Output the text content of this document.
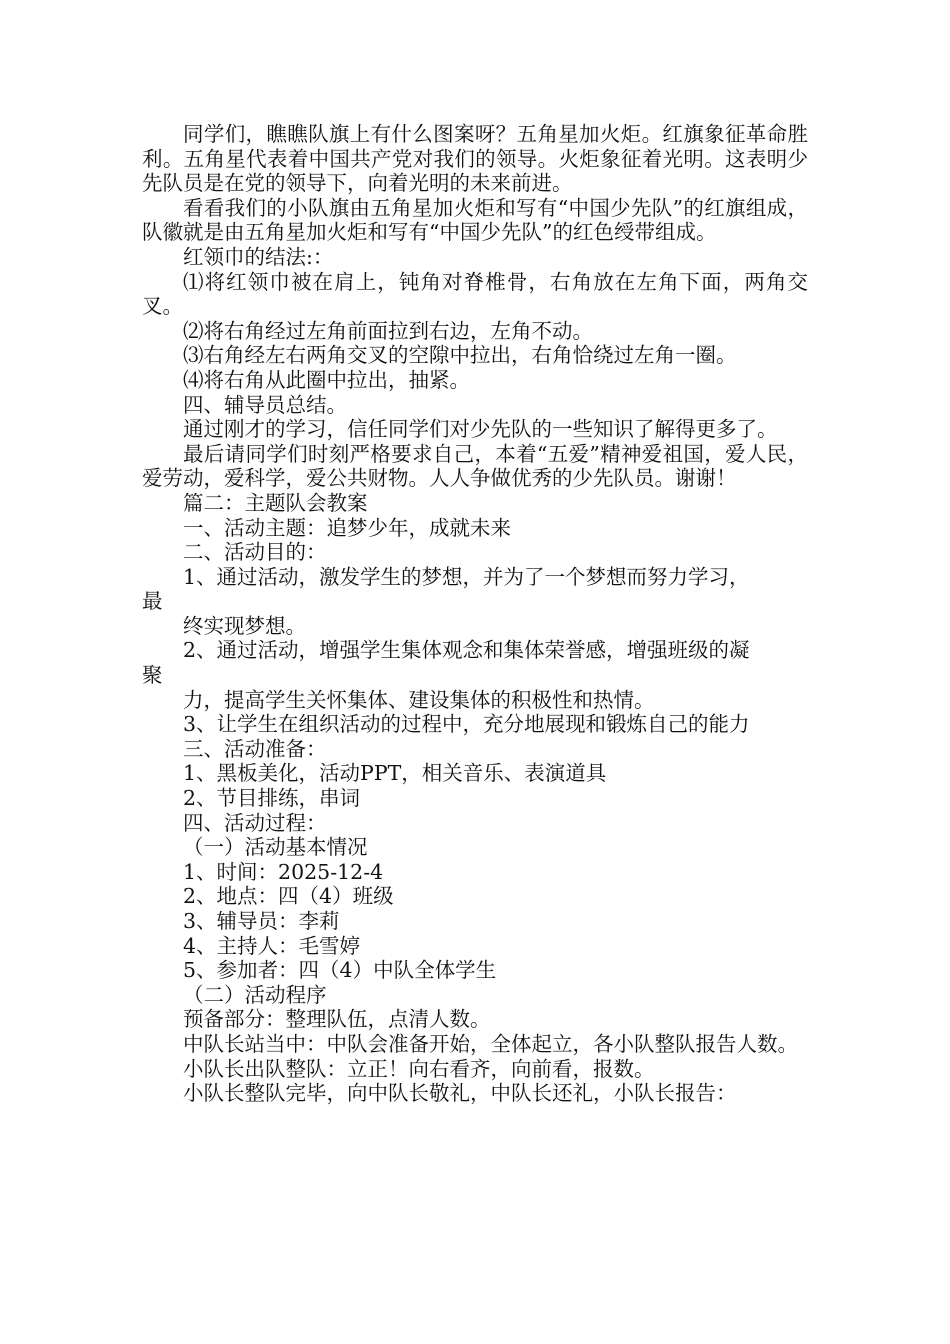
同学们，瞧瞧队旗上有什么图案呀？五角星加火炬。红旗象征革命胜利。五角星代表着中国共产党对我们的领导。火炬象征着光明。这表明少先队员是在党的领导下，向着光明的未来前进。

看看我们的小队旗由五角星加火炬和写有“中国少先队”的红旗组成，队徽就是由五角星加火炬和写有“中国少先队”的红色绶带组成。

红领巾的结法:：

⑴将红领巾被在肩上，钝角对脊椎骨，右角放在左角下面，两角交叉。

⑵将右角经过左角前面拉到右边，左角不动。

⑶右角经左右两角交叉的空隙中拉出，右角恰绕过左角一圈。

⑷将右角从此圈中拉出，抽紧。

四、辅导员总结。

通过刚才的学习，信任同学们对少先队的一些知识了解得更多了。

最后请同学们时刻严格要求自己，本着“五爱”精神爱祖国，爱人民，爱劳动，爱科学，爱公共财物。人人争做优秀的少先队员。谢谢！

篇二：主题队会教案

一、活动主题：追梦少年，成就未来

二、活动目的：

1、通过活动，激发学生的梦想，并为了一个梦想而努力学习，

最

终实现梦想。

2、通过活动，增强学生集体观念和集体荣誉感，增强班级的凝

聚

力，提高学生关怀集体、建设集体的积极性和热情。

3、让学生在组织活动的过程中，充分地展现和锻炼自己的能力

三、活动准备：

1、黑板美化，活动PPT，相关音乐、表演道具

2、节目排练，串词

四、活动过程：

（一）活动基本情况

1、时间：2025-12-4

2、地点：四（4）班级

3、辅导员：李莉

4、主持人：毛雪婷

5、参加者：四（4）中队全体学生

（二）活动程序

预备部分：整理队伍，点清人数。

中队长站当中：中队会准备开始，全体起立，各小队整队报告人数。

小队长出队整队：立正！向右看齐，向前看，报数。

小队长整队完毕，向中队长敬礼，中队长还礼，小队长报告：
